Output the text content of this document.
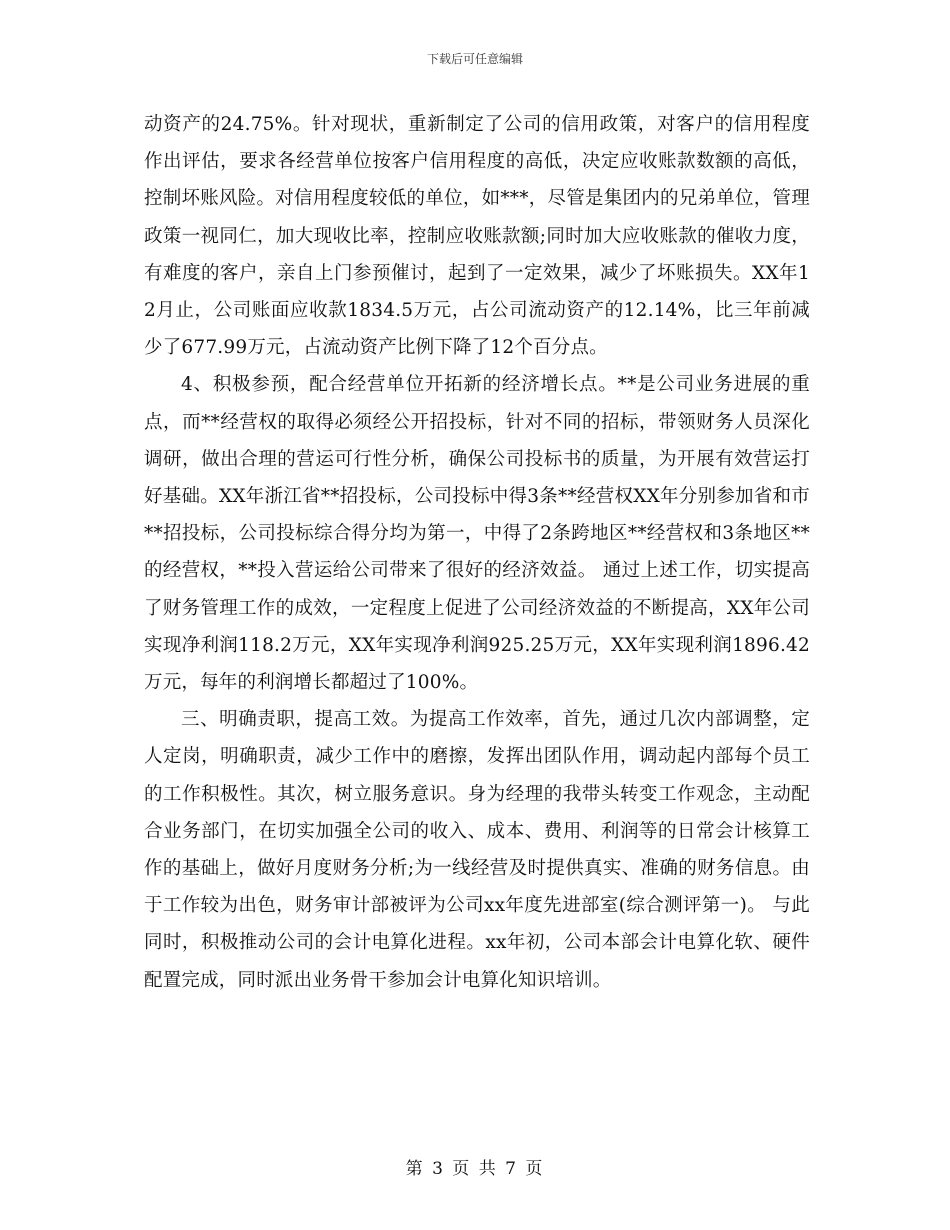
下载后可任意编辑

动资产的24.75%。针对现状，重新制定了公司的信用政策，对客户的信用程度作出评估，要求各经营单位按客户信用程度的高低，决定应收账款数额的高低，控制坏账风险。对信用程度较低的单位，如***，尽管是集团内的兄弟单位，管理政策一视同仁，加大现收比率，控制应收账款额;同时加大应收账款的催收力度，有难度的客户，亲自上门参预催讨，起到了一定效果，减少了坏账损失。XX年12月止，公司账面应收款1834.5万元，占公司流动资产的12.14%，比三年前减少了677.99万元，占流动资产比例下降了12个百分点。

4、积极参预，配合经营单位开拓新的经济增长点。**是公司业务进展的重点，而**经营权的取得必须经公开招投标，针对不同的招标，带领财务人员深化调研，做出合理的营运可行性分析，确保公司投标书的质量，为开展有效营运打好基础。XX年浙江省**招投标，公司投标中得3条**经营权XX年分别参加省和市**招投标，公司投标综合得分均为第一，中得了2条跨地区**经营权和3条地区**的经营权，**投入营运给公司带来了很好的经济效益。 通过上述工作，切实提高了财务管理工作的成效，一定程度上促进了公司经济效益的不断提高，XX年公司实现净利润118.2万元，XX年实现净利润925.25万元，XX年实现利润1896.42万元，每年的利润增长都超过了100%。

三、明确责职，提高工效。为提高工作效率，首先，通过几次内部调整，定人定岗，明确职责，减少工作中的磨擦，发挥出团队作用，调动起内部每个员工的工作积极性。其次，树立服务意识。身为经理的我带头转变工作观念，主动配合业务部门，在切实加强全公司的收入、成本、费用、利润等的日常会计核算工作的基础上，做好月度财务分析;为一线经营及时提供真实、准确的财务信息。由于工作较为出色，财务审计部被评为公司xx年度先进部室(综合测评第一)。 与此同时，积极推动公司的会计电算化进程。xx年初，公司本部会计电算化软、硬件配置完成，同时派出业务骨干参加会计电算化知识培训。

第 3 页 共 7 页
